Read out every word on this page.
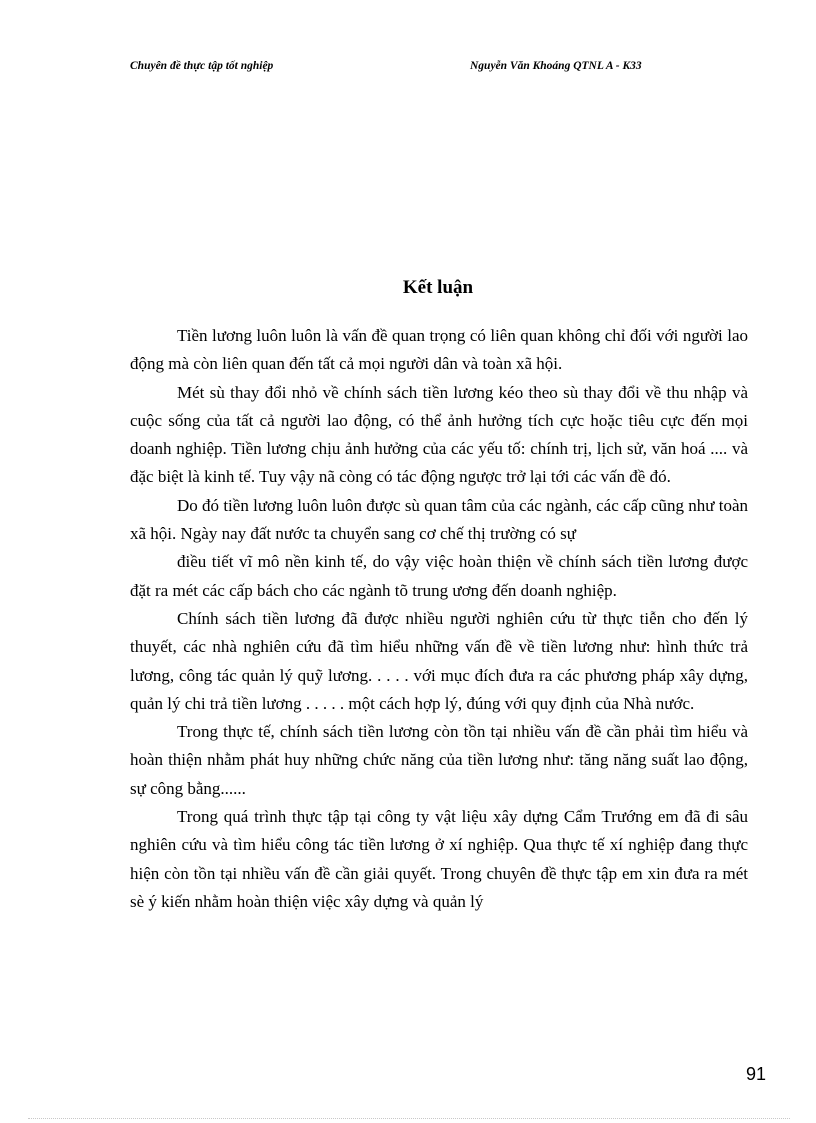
Chuyên đề thực tập tốt nghiệp	Nguyễn Văn Khoáng QTNL A - K33
Kết luận

Tiền lương luôn luôn là vấn đề quan trọng có liên quan không chỉ đối với người lao động mà còn liên quan đến tất cả mọi người dân và toàn xã hội.

Mét sù thay đổi nhỏ về chính sách tiền lương kéo theo sù thay đổi về thu nhập và cuộc sống của tất cả người lao động, có thể ảnh hưởng tích cực hoặc tiêu cực đến mọi doanh nghiệp. Tiền lương chịu ảnh hưởng của các yếu tố: chính trị, lịch sử, văn hoá .... và đặc biệt là kinh tế. Tuy vậy nã còng có tác động ngược trở lại tới các vấn đề đó.

Do đó tiền lương luôn luôn được sù quan tâm của các ngành, các cấp cũng như toàn xã hội. Ngày nay đất nước ta chuyển sang cơ chế thị trường có sự

điều tiết vĩ mô nền kinh tế, do vậy việc hoàn thiện về chính sách tiền lương được đặt ra mét các cấp bách cho các ngành tõ trung ương đến doanh nghiệp.

Chính sách tiền lương đã được nhiều người nghiên cứu từ thực tiễn cho đến lý thuyết, các nhà nghiên cứu đã tìm hiểu những vấn đề về tiền lương như: hình thức trả lương, công tác quản lý quỹ lương. . . . . với mục đích đưa ra các phương pháp xây dựng, quản lý chi trả tiền lương . . . . . một cách hợp lý, đúng với quy định của Nhà nước.

Trong thực tế, chính sách tiền lương còn tồn tại nhiều vấn đề cần phải tìm hiểu và hoàn thiện nhằm phát huy những chức năng của tiền lương như: tăng năng suất lao động, sự công bằng......

Trong quá trình thực tập tại công ty vật liệu xây dựng Cẩm Trướng em đã đi sâu nghiên cứu và tìm hiểu công tác tiền lương ở xí nghiệp. Qua thực tế xí nghiệp đang thực hiện còn tồn tại nhiều vấn đề cần giải quyết. Trong chuyên đề thực tập em xin đưa ra mét sè ý kiến nhằm hoàn thiện việc xây dựng và quản lý

91
